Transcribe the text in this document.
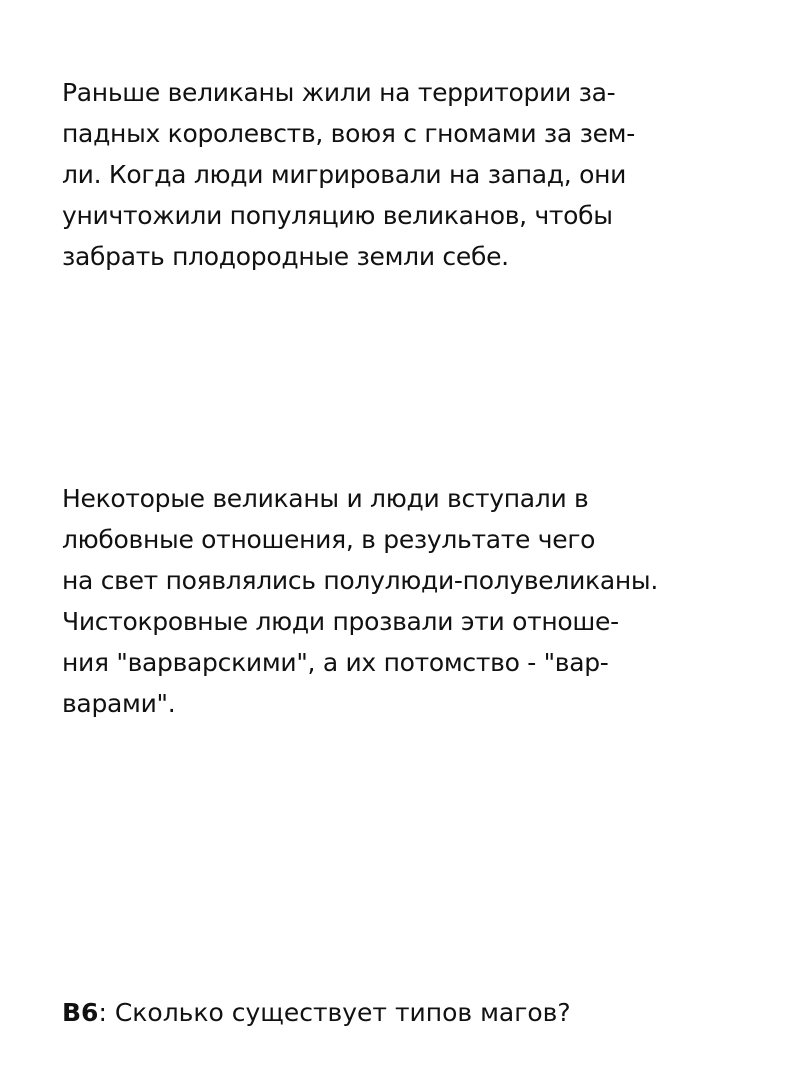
Раньше великаны жили на территории за-
падных королевств, воюя с гномами за зем-
ли. Когда люди мигрировали на запад, они
уничтожили популяцию великанов, чтобы
забрать плодородные земли себе.

Некоторые великаны и люди вступали в
любовные отношения, в результате чего
на свет появлялись полулюди-полувеликаны.
Чистокровные люди прозвали эти отноше-
ния "варварскими", а их потомство - "вар-
варами".

В6: Сколько существует типов магов?
